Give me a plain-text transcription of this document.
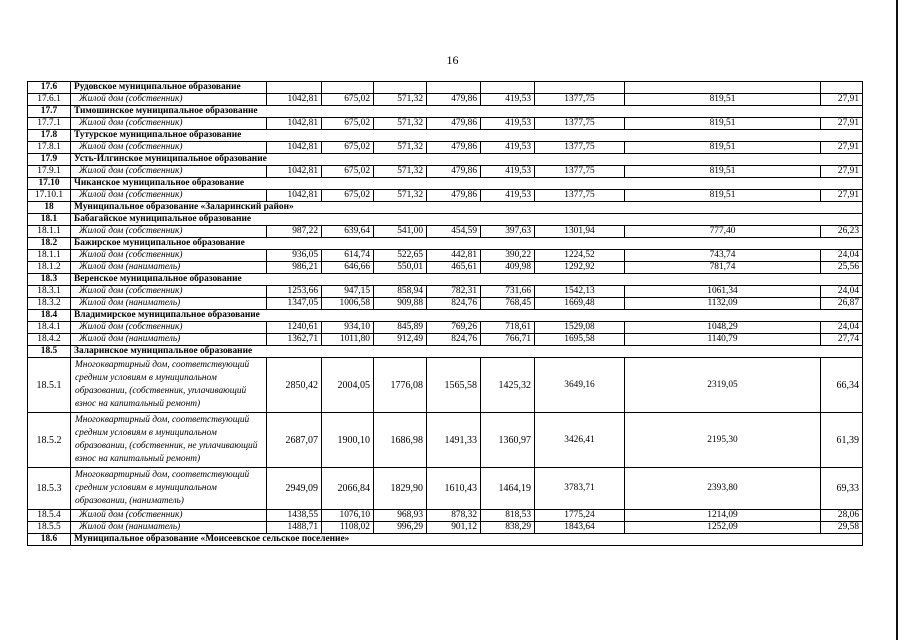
16
17.6	Рудовское муниципальное образование								
17.6.1	Жилой дом (собственник)	1042,81	675,02	571,32	479,86	419,53	1377,75	819,51	27,91
17.7	Тимошинское муниципальное образование								
17.7.1	Жилой дом (собственник)	1042,81	675,02	571,32	479,86	419,53	1377,75	819,51	27,91
17.8	Тутурское муниципальное образование								
17.8.1	Жилой дом (собственник)	1042,81	675,02	571,32	479,86	419,53	1377,75	819,51	27,91
17.9	Усть-Илгинское муниципальное образование								
17.9.1	Жилой дом (собственник)	1042,81	675,02	571,32	479,86	419,53	1377,75	819,51	27,91
17.10	Чиканское муниципальное образование								
17.10.1	Жилой дом (собственник)	1042,81	675,02	571,32	479,86	419,53	1377,75	819,51	27,91
18	Муниципальное образование «Заларинский район»								
18.1	Бабагайское муниципальное образование								
18.1.1	Жилой дом (собственник)	987,22	639,64	541,00	454,59	397,63	1301,94	777,40	26,23
18.2	Бажирское муниципальное образование								
18.1.1	Жилой дом (собственник)	936,05	614,74	522,65	442,81	390,22	1224,52	743,74	24,04
18.1.2	Жилой дом (наниматель)	986,21	646,66	550,01	465,61	409,98	1292,92	781,74	25,56
18.3	Веренское муниципальное образование								
18.3.1	Жилой дом (собственник)	1253,66	947,15	858,94	782,31	731,66	1542,13	1061,34	24,04
18.3.2	Жилой дом (наниматель)	1347,05	1006,58	909,88	824,76	768,45	1669,48	1132,09	26,87
18.4	Владимирское муниципальное образование								
18.4.1	Жилой дом (собственник)	1240,61	934,10	845,89	769,26	718,61	1529,08	1048,29	24,04
18.4.2	Жилой дом (наниматель)	1362,71	1011,80	912,49	824,76	766,71	1695,58	1140,79	27,74
18.5	Заларинское муниципальное образование								
18.5.1	Многоквартирный дом, соответствующий средним условиям в муниципальном образовании, (собственник, уплачивающий взнос на капитальный ремонт)	2850,42	2004,05	1776,08	1565,58	1425,32	3649,16	2319,05	66,34
18.5.2	Многоквартирный дом, соответствующий средним условиям в муниципальном образовании, (собственник, не уплачивающий взнос на капитальный ремонт)	2687,07	1900,10	1686,98	1491,33	1360,97	3426,41	2195,30	61,39
18.5.3	Многоквартирный дом, соответствующий средним условиям в муниципальном образовании, (наниматель)	2949,09	2066,84	1829,90	1610,43	1464,19	3783,71	2393,80	69,33
18.5.4	Жилой дом (собственник)	1438,55	1076,10	968,93	878,32	818,53	1775,24	1214,09	28,06
18.5.5	Жилой дом (наниматель)	1488,71	1108,02	996,29	901,12	838,29	1843,64	1252,09	29,58
18.6	Муниципальное образование «Моисеевское сельское поселение»								
